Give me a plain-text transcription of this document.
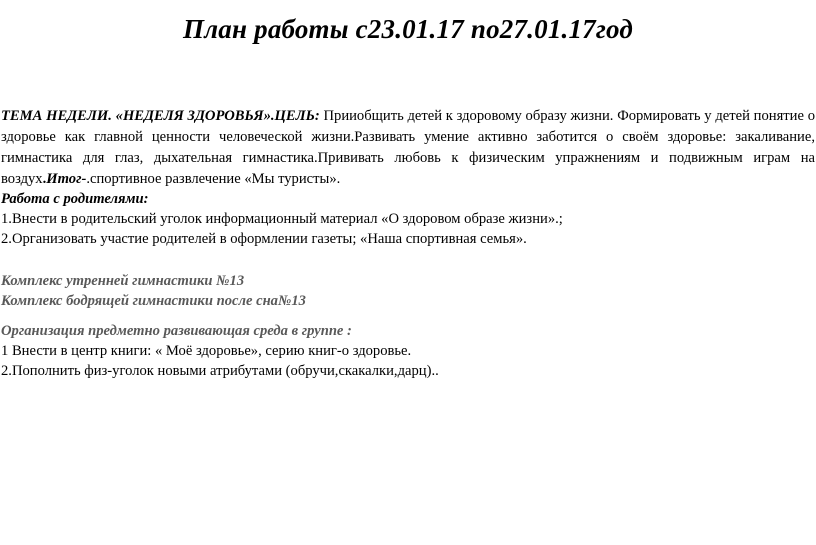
План работы с23.01.17 по27.01.17год
ТЕМА НЕДЕЛИ. «НЕДЕЛЯ ЗДОРОВЬЯ».ЦЕЛЬ: Прииобщить детей к здоровому образу жизни. Формировать у детей понятие о здоровье как главной ценности человеческой жизни.Развивать умение активно заботится о своём здоровье: закаливание, гимнастика для глаз, дыхательная гимнастика.Прививать любовь к физическим упражнениям и подвижным играм на воздух.Итог-.спортивное развлечение «Мы туристы».
Работа с родителями:
1.Внести в родительский уголок информационный материал «О здоровом образе жизни».;
2.Организовать участие родителей в оформлении газеты; «Наша спортивная семья».
Комплекс утренней гимнастики №13
Комплекс бодрящей гимнастики после сна№13
Организация предметно развивающая среда в группе :
1 Внести в центр книги: « Моё здоровье», серию книг-о здоровье.
2.Пополнить физ-уголок новыми атрибутами (обручи,скакалки,дарц)..
